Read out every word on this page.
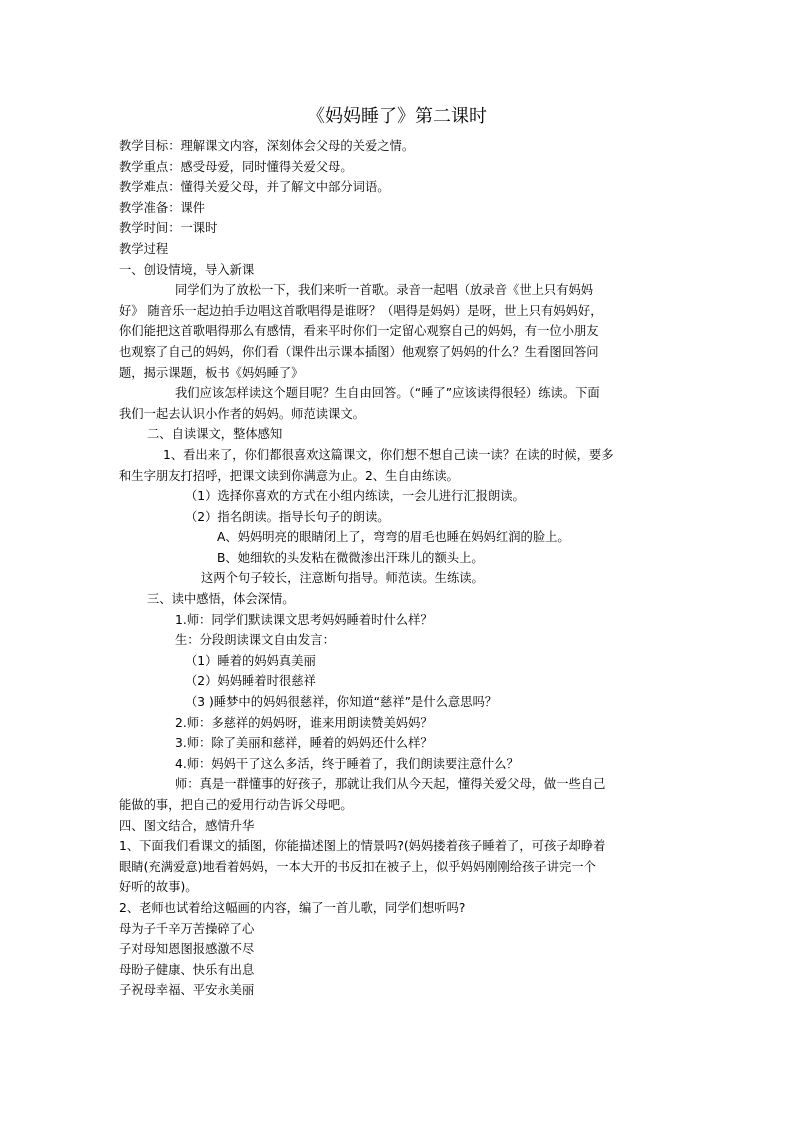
《妈妈睡了》第二课时

教学目标：理解课文内容，深刻体会父母的关爱之情。

教学重点：感受母爱，同时懂得关爱父母。

教学难点：懂得关爱父母，并了解文中部分词语。

教学准备：课件

教学时间：一课时

教学过程

一、创设情境，导入新课

同学们为了放松一下，我们来听一首歌。录音一起唱（放录音《世上只有妈妈

好》 随音乐一起边拍手边唱这首歌唱得是谁呀？（唱得是妈妈）是呀，世上只有妈妈好，

你们能把这首歌唱得那么有感情，看来平时你们一定留心观察自己的妈妈，有一位小朋友

也观察了自己的妈妈，你们看（课件出示课本插图）他观察了妈妈的什么？生看图回答问

题，揭示课题，板书《妈妈睡了》

我们应该怎样读这个题目呢？生自由回答。（“睡了”应该读得很轻）练读。下面

我们一起去认识小作者的妈妈。师范读课文。

二、自读课文，整体感知

1、看出来了，你们都很喜欢这篇课文，你们想不想自己读一读？在读的时候，要多

和生字朋友打招呼，把课文读到你满意为止。2、生自由练读。

（1）选择你喜欢的方式在小组内练读，一会儿进行汇报朗读。

（2）指名朗读。指导长句子的朗读。

A、妈妈明亮的眼睛闭上了，弯弯的眉毛也睡在妈妈红润的脸上。

B、她细软的头发粘在微微渗出汗珠儿的额头上。

这两个句子较长，注意断句指导。师范读。生练读。

三、读中感悟，体会深情。

1.师：同学们默读课文思考妈妈睡着时什么样？

生：分段朗读课文自由发言：

（1）睡着的妈妈真美丽

（2）妈妈睡着时很慈祥

（3 )睡梦中的妈妈很慈祥，你知道“慈祥”是什么意思吗？

2.师：多慈祥的妈妈呀，谁来用朗读赞美妈妈？

3.师：除了美丽和慈祥，睡着的妈妈还什么样？

4.师：妈妈干了这么多活，终于睡着了，我们朗读要注意什么？

师：真是一群懂事的好孩子，那就让我们从今天起，懂得关爱父母，做一些自己

能做的事，把自己的爱用行动告诉父母吧。

四、图文结合，感情升华

1、下面我们看课文的插图，你能描述图上的情景吗?(妈妈搂着孩子睡着了，可孩子却睁着

眼睛(充满爱意)地看着妈妈，一本大开的书反扣在被子上，似乎妈妈刚刚给孩子讲完一个

好听的故事)。

2、老师也试着给这幅画的内容，编了一首儿歌，同学们想听吗?

母为子千辛万苦操碎了心

子对母知恩图报感激不尽

母盼子健康、快乐有出息

子祝母幸福、平安永美丽
